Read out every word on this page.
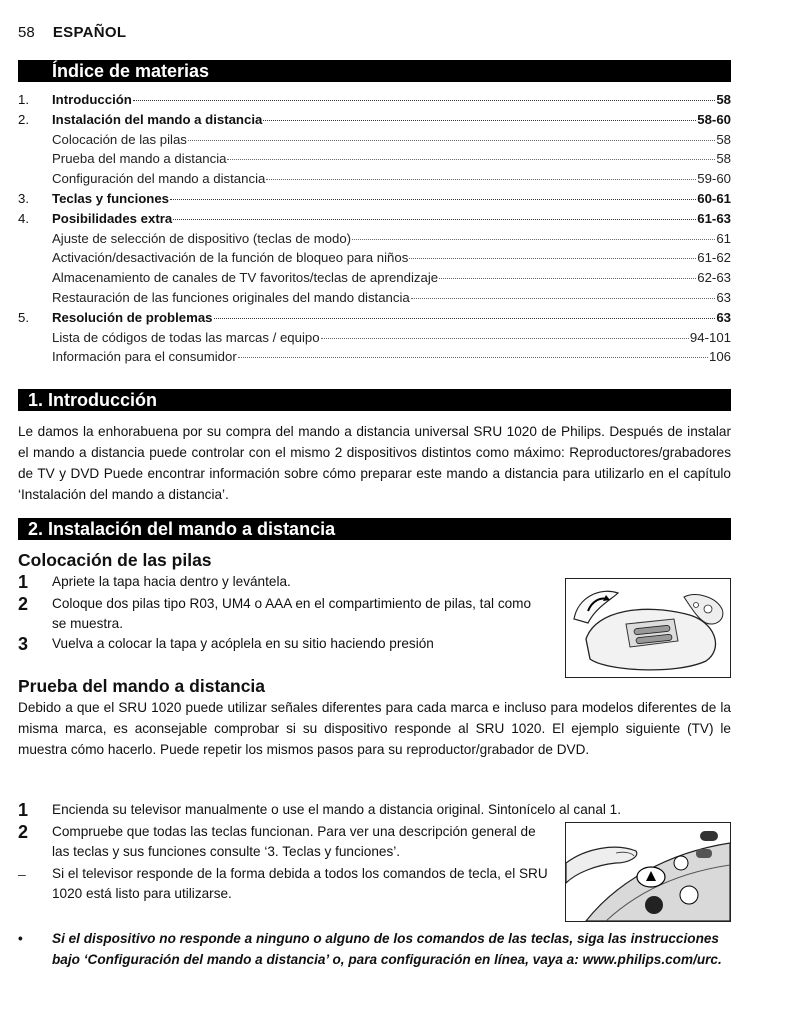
58 ESPAÑOL
Índice de materias
1.	Introducción	58
2.	Instalación del mando a distancia	58-60
Colocación de las pilas	58
Prueba del mando a distancia	58
Configuración del mando a distancia	59-60
3.	Teclas y funciones	60-61
4.	Posibilidades extra	61-63
Ajuste de selección de dispositivo (teclas de modo)	61
Activación/desactivación de la función de bloqueo para niños	61-62
Almacenamiento de canales de TV favoritos/teclas de aprendizaje	62-63
Restauración de las funciones originales del mando distancia	63
5.	Resolución de problemas	63
Lista de códigos de todas las marcas / equipo	94-101
Información para el consumidor	106
1. Introducción
Le damos la enhorabuena por su compra del mando a distancia universal SRU 1020 de Philips. Después de instalar el mando a distancia puede controlar con el mismo 2 dispositivos distintos como máximo: Reproductores/grabadores de TV y DVD Puede encontrar información sobre cómo preparar este mando a distancia para utilizarlo en el capítulo ‘Instalación del mando a distancia’.
2. Instalación del mando a distancia
Colocación de las pilas
1	Apriete la tapa hacia dentro y levántela.
2	Coloque dos pilas tipo R03, UM4 o AAA en el compartimiento de pilas, tal como se muestra.
3	Vuelva a colocar la tapa y acóplela en su sitio haciendo presión
Prueba del mando a distancia
Debido a que el SRU 1020 puede utilizar señales diferentes para cada marca e incluso para modelos diferentes de la misma marca, es aconsejable comprobar si su dispositivo responde al SRU 1020. El ejemplo siguiente (TV) le muestra cómo hacerlo. Puede repetir los mismos pasos para su reproductor/grabador de DVD.
1	Encienda su televisor manualmente o use el mando a distancia original. Sintonícelo al canal 1.
2	Compruebe que todas las teclas funcionan. Para ver una descripción general de las teclas y sus funciones consulte ‘3. Teclas y funciones’.
–	Si el televisor responde de la forma debida a todos los comandos de tecla, el SRU 1020 está listo para utilizarse.
•	Si el dispositivo no responde a ninguno o alguno de los comandos de las teclas, siga las instrucciones bajo ‘Configuración del mando a distancia’ o, para configuración en línea, vaya a: www.philips.com/urc.
